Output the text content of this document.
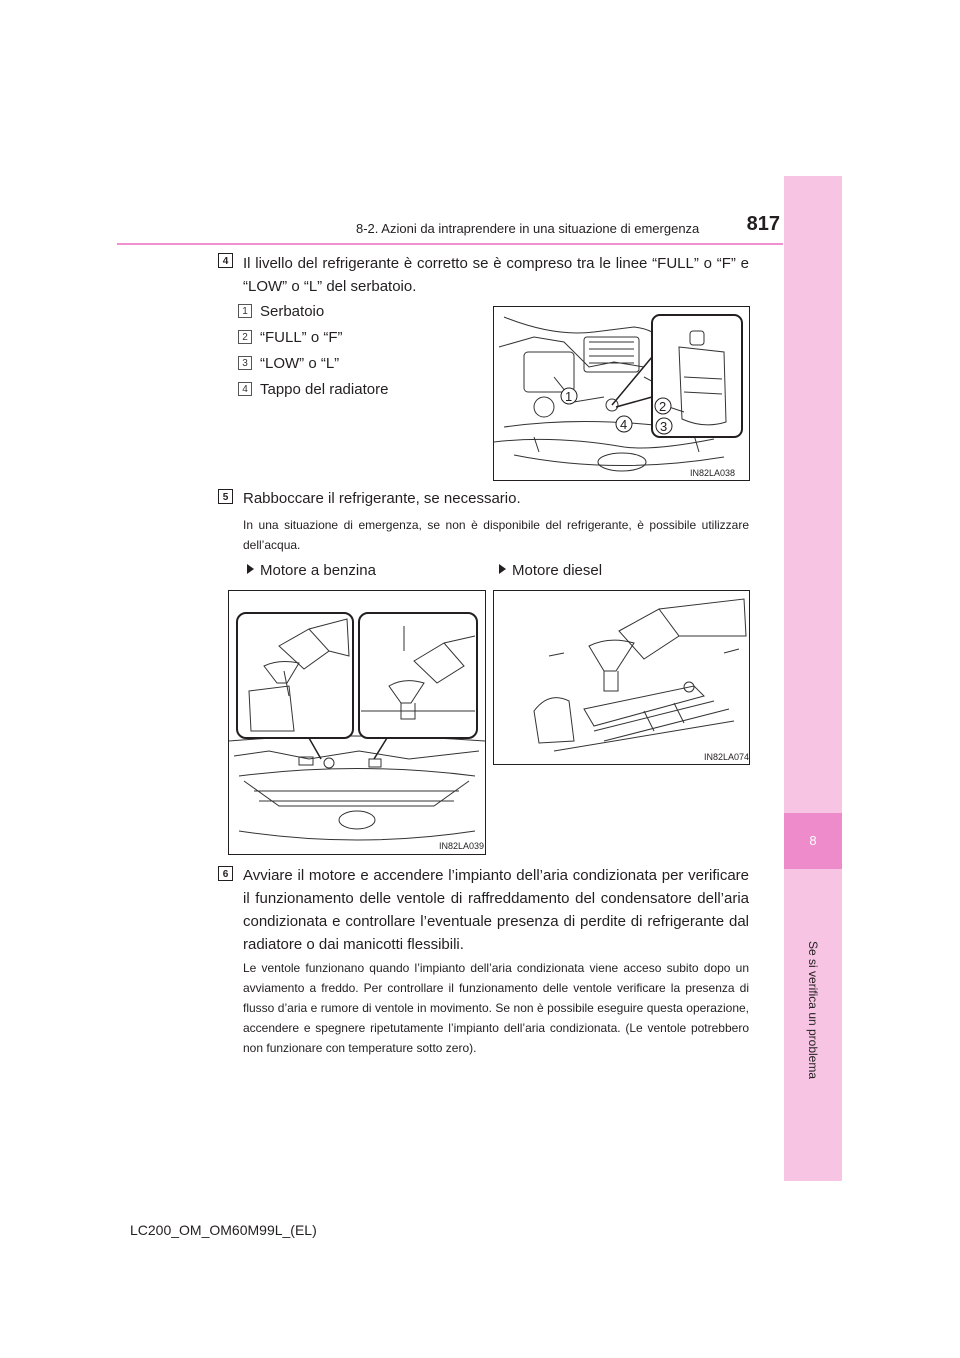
8
Se si verifica un problema
8-2. Azioni da intraprendere in una situazione di emergenza	817
4 Il livello del refrigerante è corretto se è compreso tra le linee “FULL” o “F” e “LOW” o “L” del serbatoio.
1 Serbatoio
2 “FULL” o “F”
3 “LOW” o “L”
4 Tappo del radiatore	1
2
3
4
IN82LA038
5 Rabboccare il refrigerante, se necessario.
In una situazione di emergenza, se non è disponibile del refrigerante, è possibile utilizzare dell’acqua.
Motore a benzina	Motore diesel
IN82LA039
IN82LA074
6 Avviare il motore e accendere l’impianto dell’aria condizionata per verificare il funzionamento delle ventole di raffreddamento del condensatore dell’aria condizionata e controllare l’eventuale presenza di perdite di refrigerante dal radiatore o dai manicotti flessibili.
Le ventole funzionano quando l’impianto dell’aria condizionata viene acceso subito dopo un avviamento a freddo. Per controllare il funzionamento delle ventole verificare la presenza di flusso d’aria e rumore di ventole in movimento. Se non è possibile eseguire questa operazione, accendere e spegnere ripetutamente l’impianto dell’aria condizionata. (Le ventole potrebbero non funzionare con temperature sotto zero).
LC200_OM_OM60M99L_(EL)
